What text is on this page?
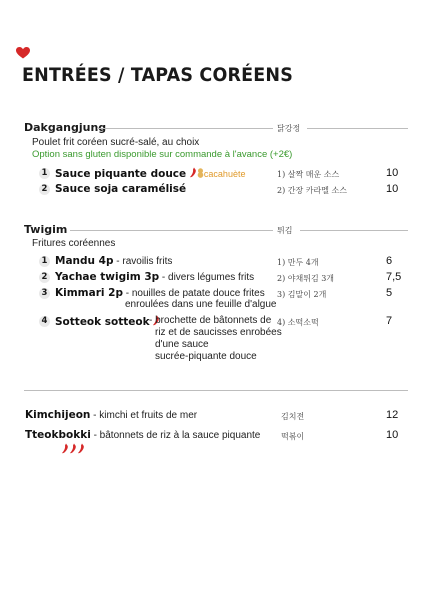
ENTRÉES / TAPAS CORÉENS
Dakgangjung	닭강정
Poulet frit coréen sucré-salé, au choix
Option sans gluten disponible sur commande à l'avance (+2€)
1 Sauce piquante douce cacahuète	1) 살짝 매운 소스	10
2 Sauce soja caramélisé	2) 간장 카라멜 소스	10
Twigim	튀김
Fritures coréennes
1 Mandu 4p - ravoilis frits	1) 만두 4개	6
2 Yachae twigim 3p - divers légumes frits	2) 야채튀김 3개	7,5
3 Kimmari 2p - nouilles de patate douce frites
enroulées dans une feuille d'algue
3) 김말이 2개	5
4 Sotteok sotteok - brochette de bâtonnets de
riz et de saucisses enrobées
d'une sauce
sucrée-piquante douce
4) 소떡소떡	7
Kimchijeon - kimchi et fruits de mer	김치전	12
Tteokbokki - bâtonnets de riz à la sauce piquante	떡볶이	10
